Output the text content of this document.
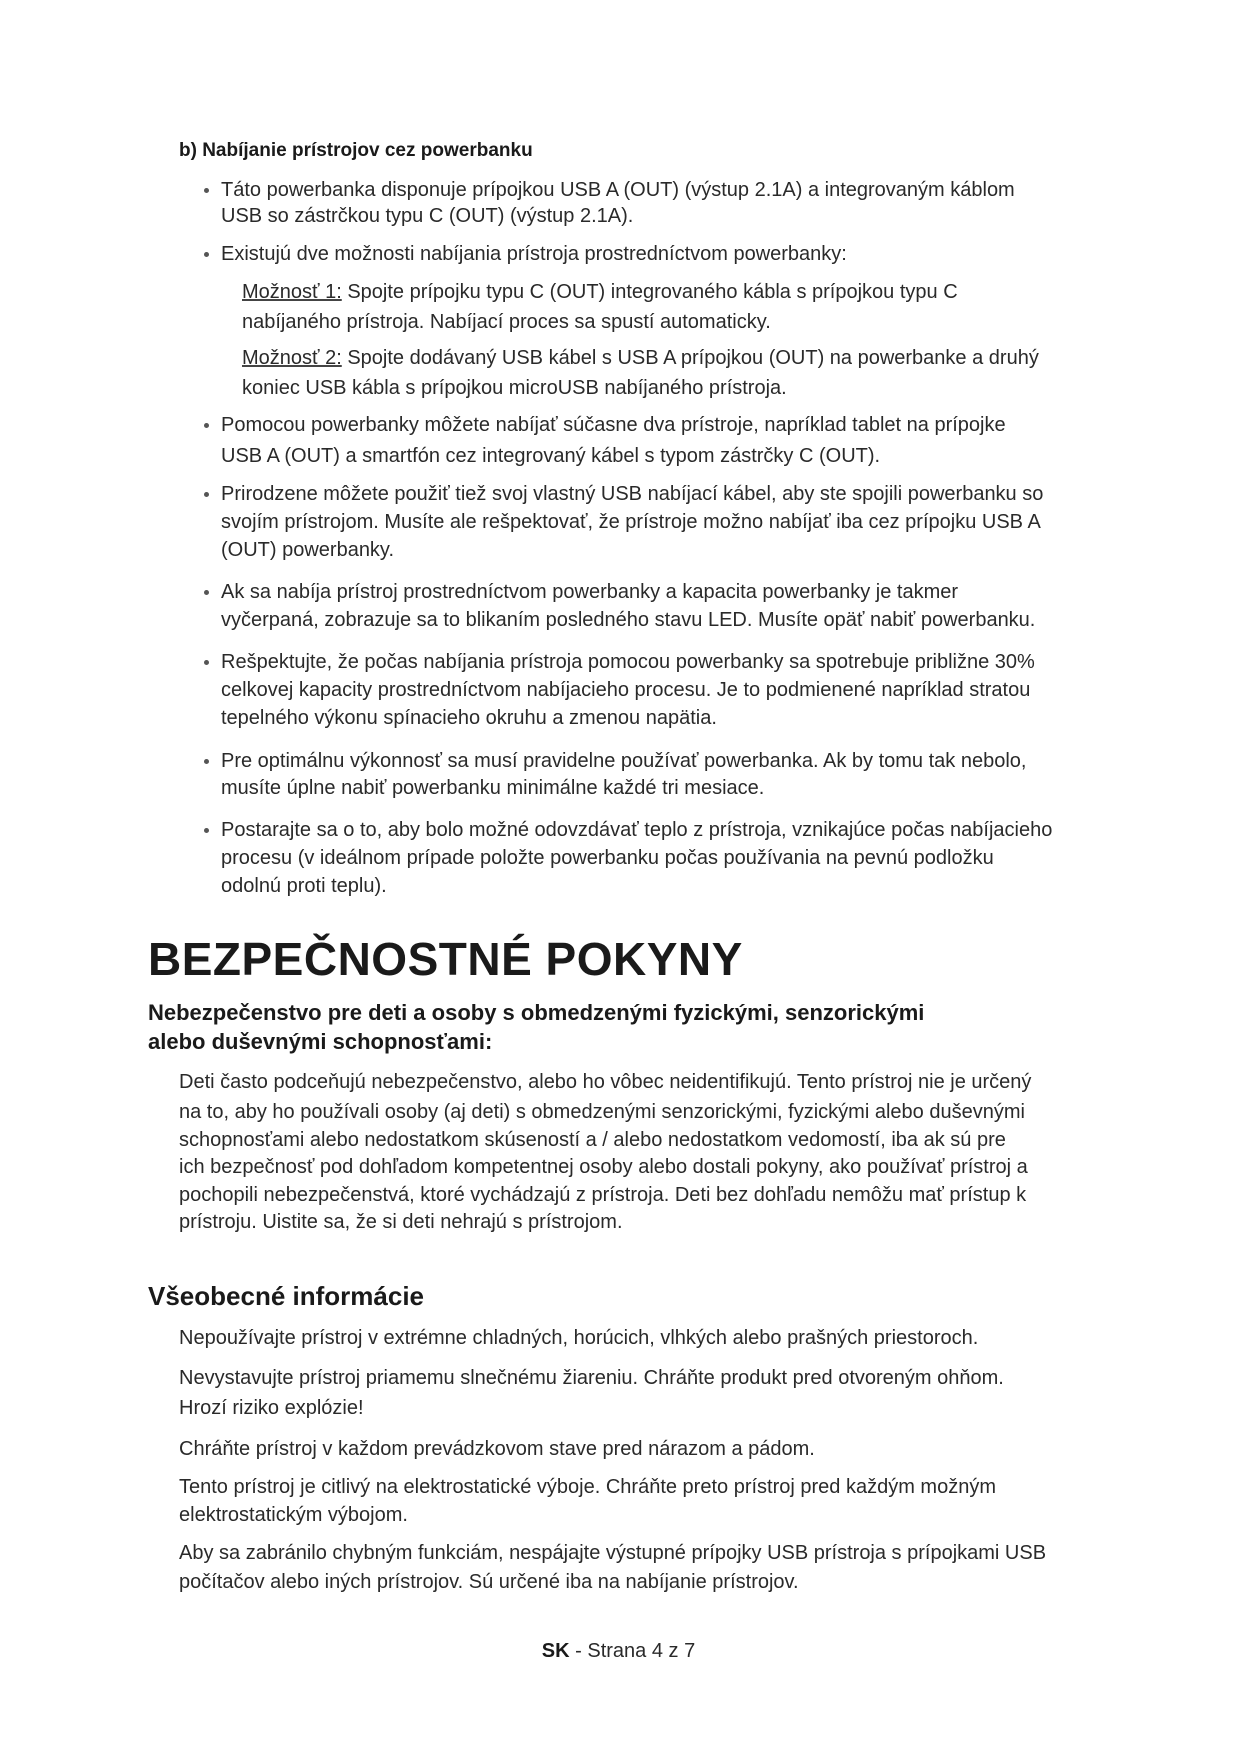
b) Nabíjanie prístrojov cez powerbanku
Táto powerbanka disponuje prípojkou USB A (OUT) (výstup 2.1A) a integrovaným káblom
USB so zástrčkou typu C (OUT) (výstup 2.1A).
Existujú dve možnosti nabíjania prístroja prostredníctvom powerbanky:
Možnosť 1: Spojte prípojku typu C (OUT) integrovaného kábla s prípojkou typu C
nabíjaného prístroja. Nabíjací proces sa spustí automaticky.
Možnosť 2: Spojte dodávaný USB kábel s USB A prípojkou (OUT) na powerbanke a druhý
koniec USB kábla s prípojkou microUSB nabíjaného prístroja.
Pomocou powerbanky môžete nabíjať súčasne dva prístroje, napríklad tablet na prípojke
USB A (OUT) a smartfón cez integrovaný kábel s typom zástrčky C (OUT).
Prirodzene môžete použiť tiež svoj vlastný USB nabíjací kábel, aby ste spojili powerbanku so
svojím prístrojom. Musíte ale rešpektovať, že prístroje možno nabíjať iba cez prípojku USB A
(OUT) powerbanky.
Ak sa nabíja prístroj prostredníctvom powerbanky a kapacita powerbanky je takmer
vyčerpaná, zobrazuje sa to blikaním posledného stavu LED. Musíte opäť nabiť powerbanku.
Rešpektujte, že počas nabíjania prístroja pomocou powerbanky sa spotrebuje približne 30%
celkovej kapacity prostredníctvom nabíjacieho procesu. Je to podmienené napríklad stratou
tepelného výkonu spínacieho okruhu a zmenou napätia.
Pre optimálnu výkonnosť sa musí pravidelne používať powerbanka. Ak by tomu tak nebolo,
musíte úplne nabiť powerbanku minimálne každé tri mesiace.
Postarajte sa o to, aby bolo možné odovzdávať teplo z prístroja, vznikajúce počas nabíjacieho
procesu (v ideálnom prípade položte powerbanku počas používania na pevnú podložku
odolnú proti teplu).
BEZPEČNOSTNÉ POKYNY
Nebezpečenstvo pre deti a osoby s obmedzenými fyzickými, senzorickými
alebo duševnými schopnosťami:
Deti často podceňujú nebezpečenstvo, alebo ho vôbec neidentifikujú. Tento prístroj nie je určený
na to, aby ho používali osoby (aj deti) s obmedzenými senzorickými, fyzickými alebo duševnými
schopnosťami alebo nedostatkom skúseností a / alebo nedostatkom vedomostí, iba ak sú pre
ich bezpečnosť pod dohľadom kompetentnej osoby alebo dostali pokyny, ako používať prístroj a
pochopili nebezpečenstvá, ktoré vychádzajú z prístroja. Deti bez dohľadu nemôžu mať prístup k
prístroju. Uistite sa, že si deti nehrajú s prístrojom.
Všeobecné informácie
Nepoužívajte prístroj v extrémne chladných, horúcich, vlhkých alebo prašných priestoroch.
Nevystavujte prístroj priamemu slnečnému žiareniu. Chráňte produkt pred otvoreným ohňom.
Hrozí riziko explózie!
Chráňte prístroj v každom prevádzkovom stave pred nárazom a pádom.
Tento prístroj je citlivý na elektrostatické výboje. Chráňte preto prístroj pred každým možným
elektrostatickým výbojom.
Aby sa zabránilo chybným funkciám, nespájajte výstupné prípojky USB prístroja s prípojkami USB
počítačov alebo iných prístrojov. Sú určené iba na nabíjanie prístrojov.
SK - Strana 4 z 7
